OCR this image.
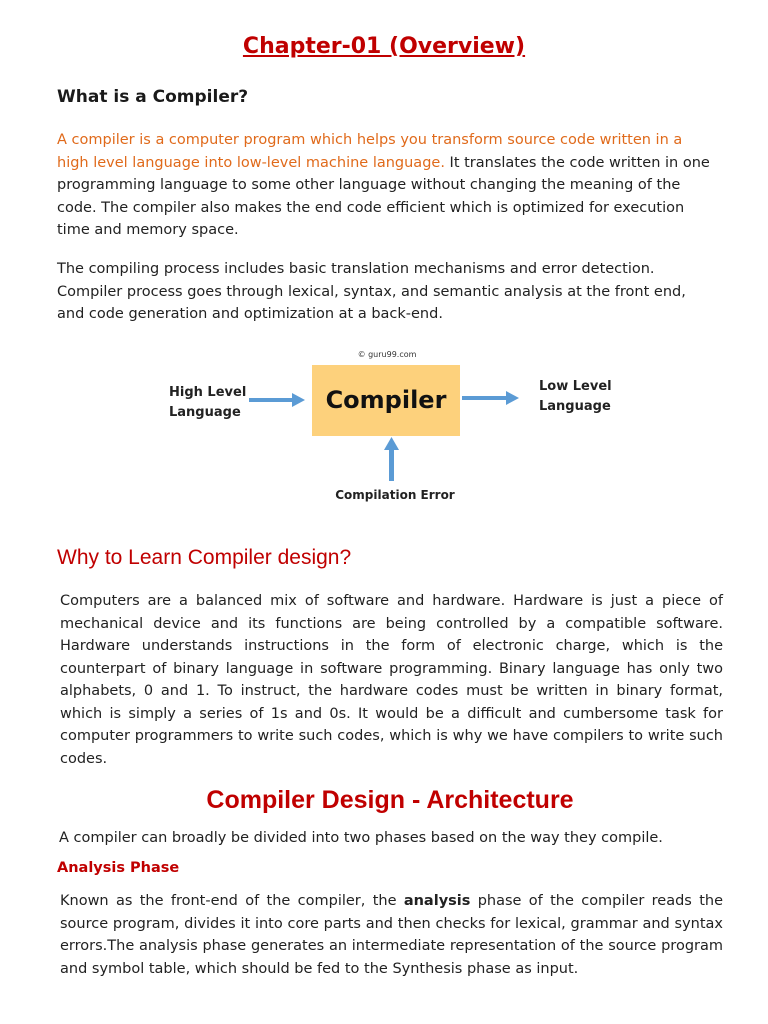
Chapter-01 (Overview)
What is a Compiler?
A compiler is a computer program which helps you transform source code written in a high level language into low-level machine language. It translates the code written in one programming language to some other language without changing the meaning of the code. The compiler also makes the end code efficient which is optimized for execution time and memory space.
The compiling process includes basic translation mechanisms and error detection. Compiler process goes through lexical, syntax, and semantic analysis at the front end, and code generation and optimization at a back-end.
© guru99.com
High Level
Language	Compiler	Low Level
Language
Compilation Error
Why to Learn Compiler design?
Computers are a balanced mix of software and hardware. Hardware is just a piece of mechanical device and its functions are being controlled by a compatible software. Hardware understands instructions in the form of electronic charge, which is the counterpart of binary language in software programming. Binary language has only two alphabets, 0 and 1. To instruct, the hardware codes must be written in binary format, which is simply a series of 1s and 0s. It would be a difficult and cumbersome task for computer programmers to write such codes, which is why we have compilers to write such codes.
Compiler Design - Architecture
A compiler can broadly be divided into two phases based on the way they compile.
Analysis Phase
Known as the front-end of the compiler, the analysis phase of the compiler reads the source program, divides it into core parts and then checks for lexical, grammar and syntax errors.The analysis phase generates an intermediate representation of the source program and symbol table, which should be fed to the Synthesis phase as input.
